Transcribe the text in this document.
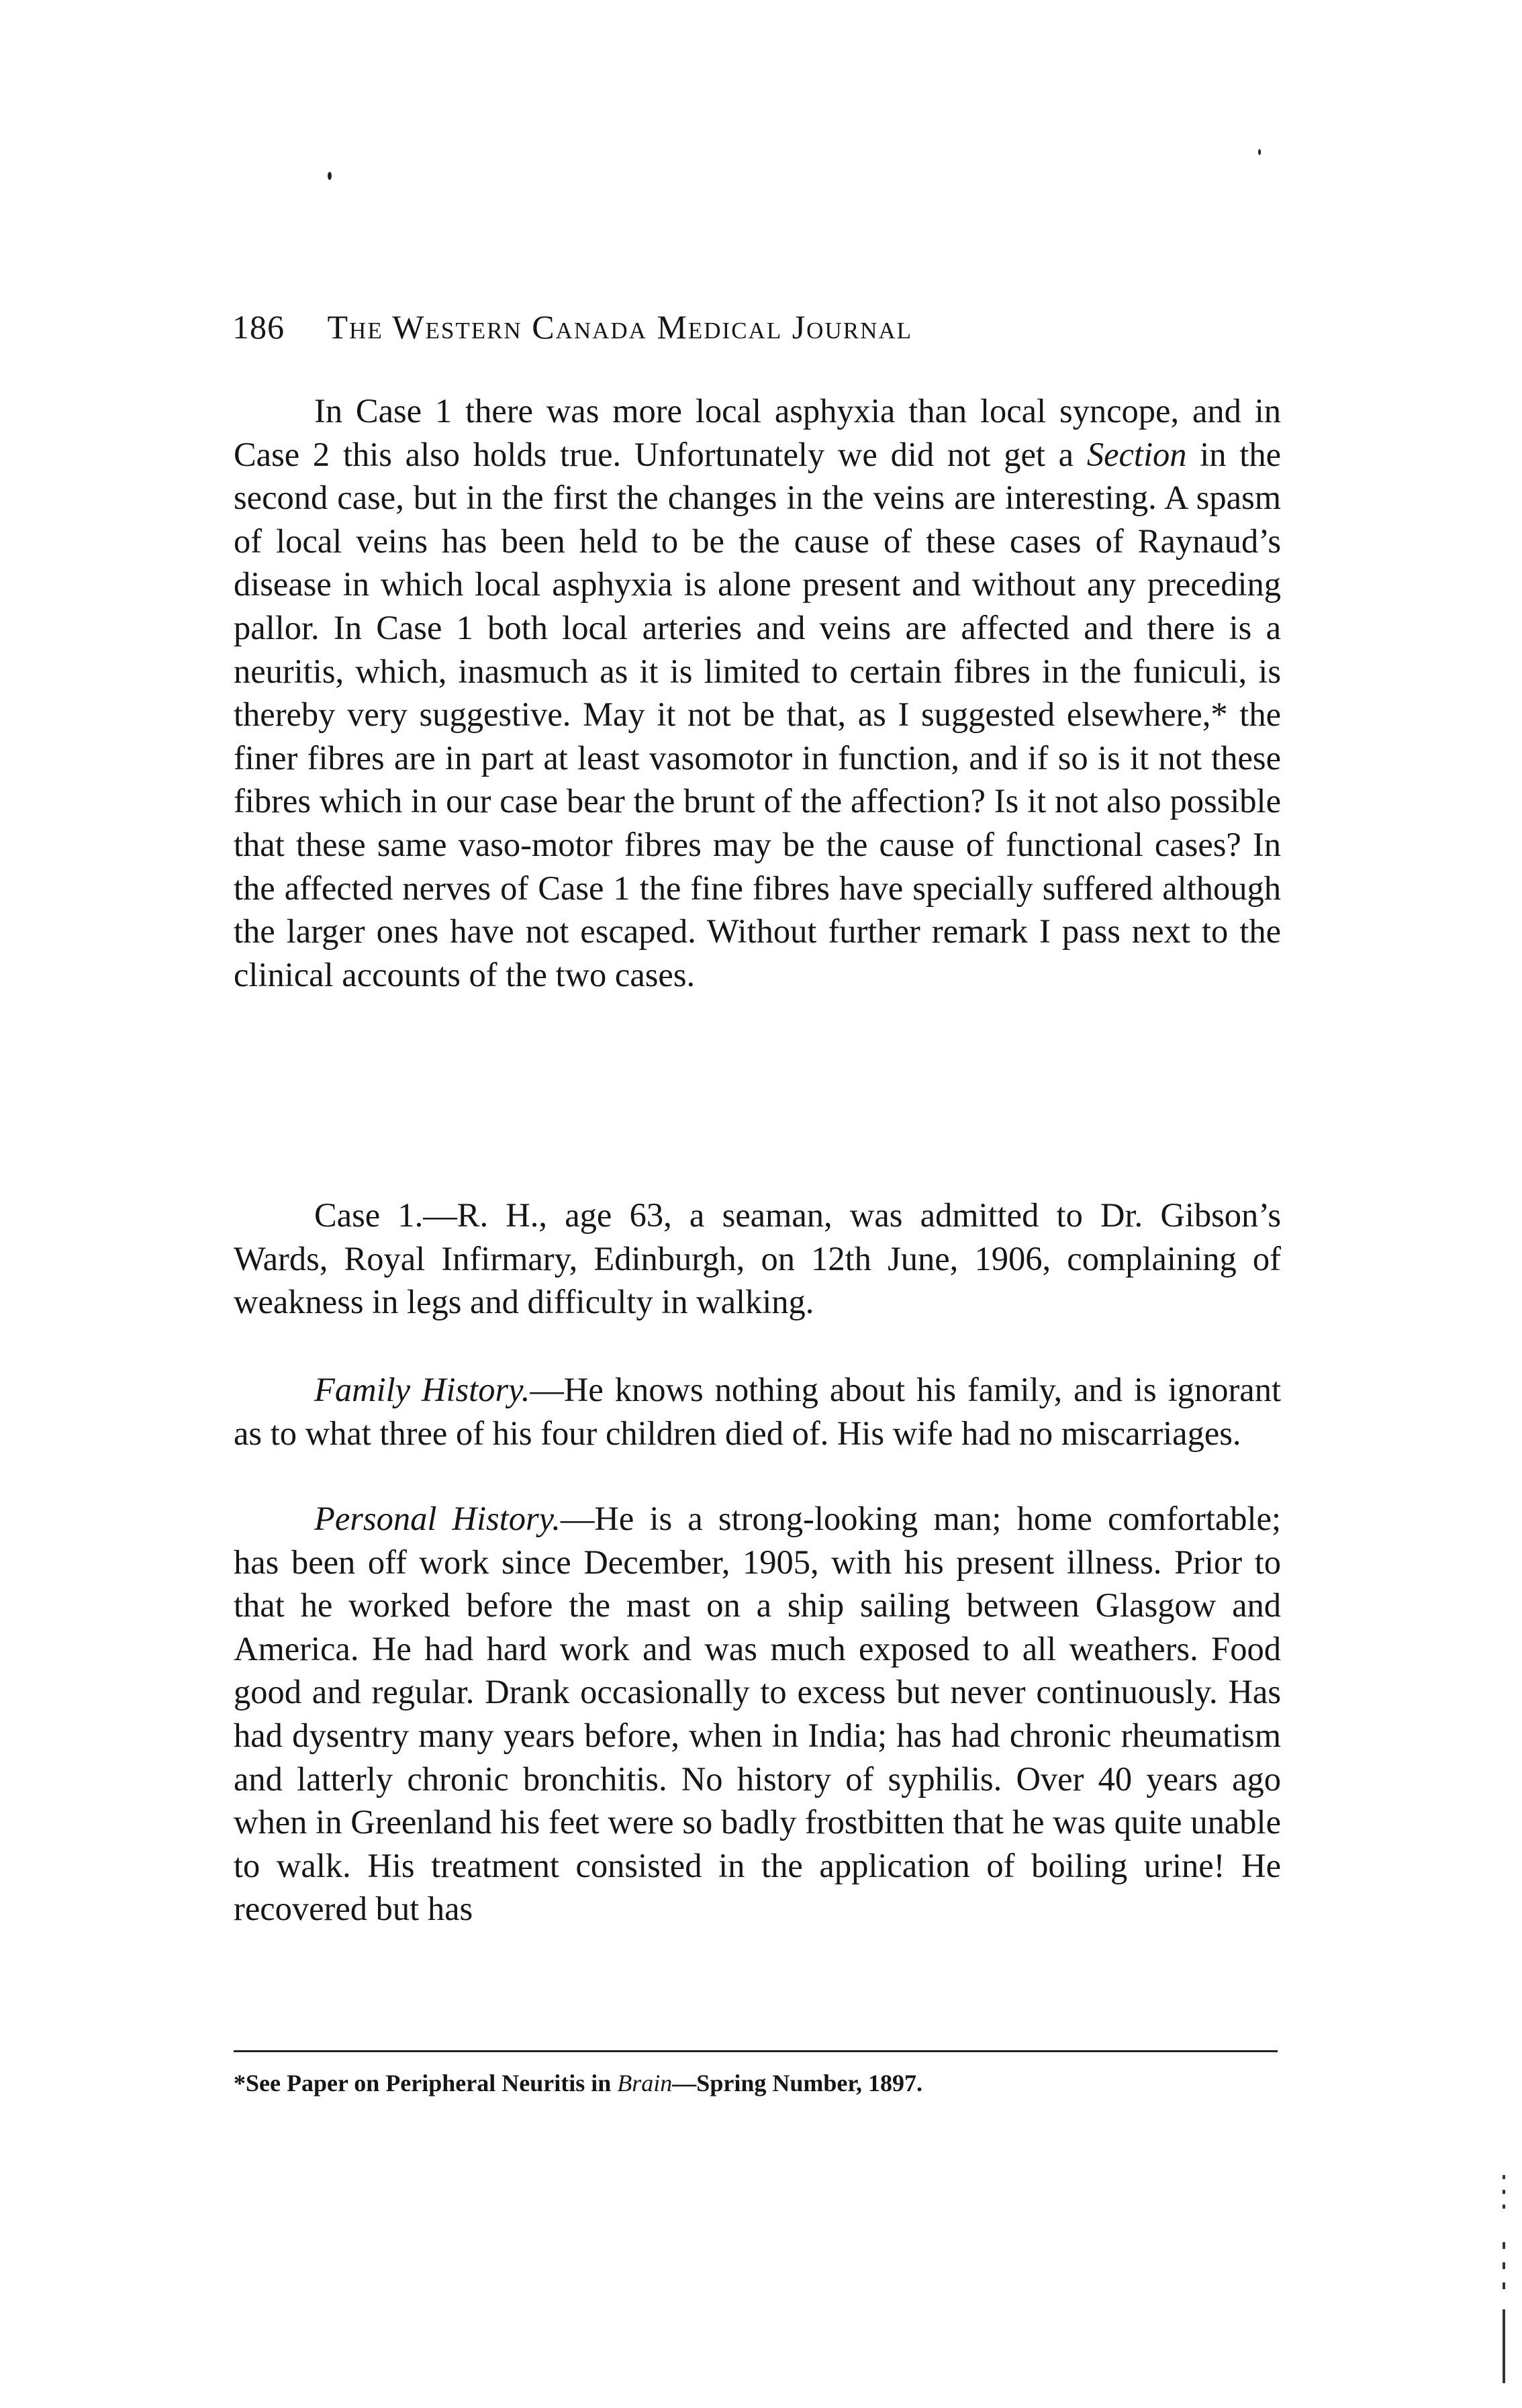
186 The Western Canada Medical Journal

In Case 1 there was more local asphyxia than local syncope, and in Case 2 this also holds true. Unfortunately we did not get a Section in the second case, but in the first the changes in the veins are interesting. A spasm of local veins has been held to be the cause of these cases of Raynaud’s disease in which local asphyxia is alone present and without any preceding pallor. In Case 1 both local arteries and veins are affected and there is a neuritis, which, inasmuch as it is limited to certain fibres in the funiculi, is thereby very suggestive. May it not be that, as I suggested elsewhere,* the finer fibres are in part at least vasomotor in function, and if so is it not these fibres which in our case bear the brunt of the affection? Is it not also possible that these same vaso-motor fibres may be the cause of functional cases? In the affected nerves of Case 1 the fine fibres have specially suffered although the larger ones have not escaped. Without further remark I pass next to the clinical accounts of the two cases.

Case 1.—R. H., age 63, a seaman, was admitted to Dr. Gibson’s Wards, Royal Infirmary, Edinburgh, on 12th June, 1906, complaining of weakness in legs and difficulty in walking.

Family History.—He knows nothing about his family, and is ignorant as to what three of his four children died of. His wife had no miscarriages.

Personal History.—He is a strong-looking man; home comfortable; has been off work since December, 1905, with his present illness. Prior to that he worked before the mast on a ship sailing between Glasgow and America. He had hard work and was much exposed to all weathers. Food good and regular. Drank occasionally to excess but never continuously. Has had dysentry many years before, when in India; has had chronic rheumatism and latterly chronic bronchitis. No history of syphilis. Over 40 years ago when in Greenland his feet were so badly frostbitten that he was quite unable to walk. His treatment consisted in the application of boiling urine! He recovered but has

*See Paper on Peripheral Neuritis in Brain—Spring Number, 1897.
